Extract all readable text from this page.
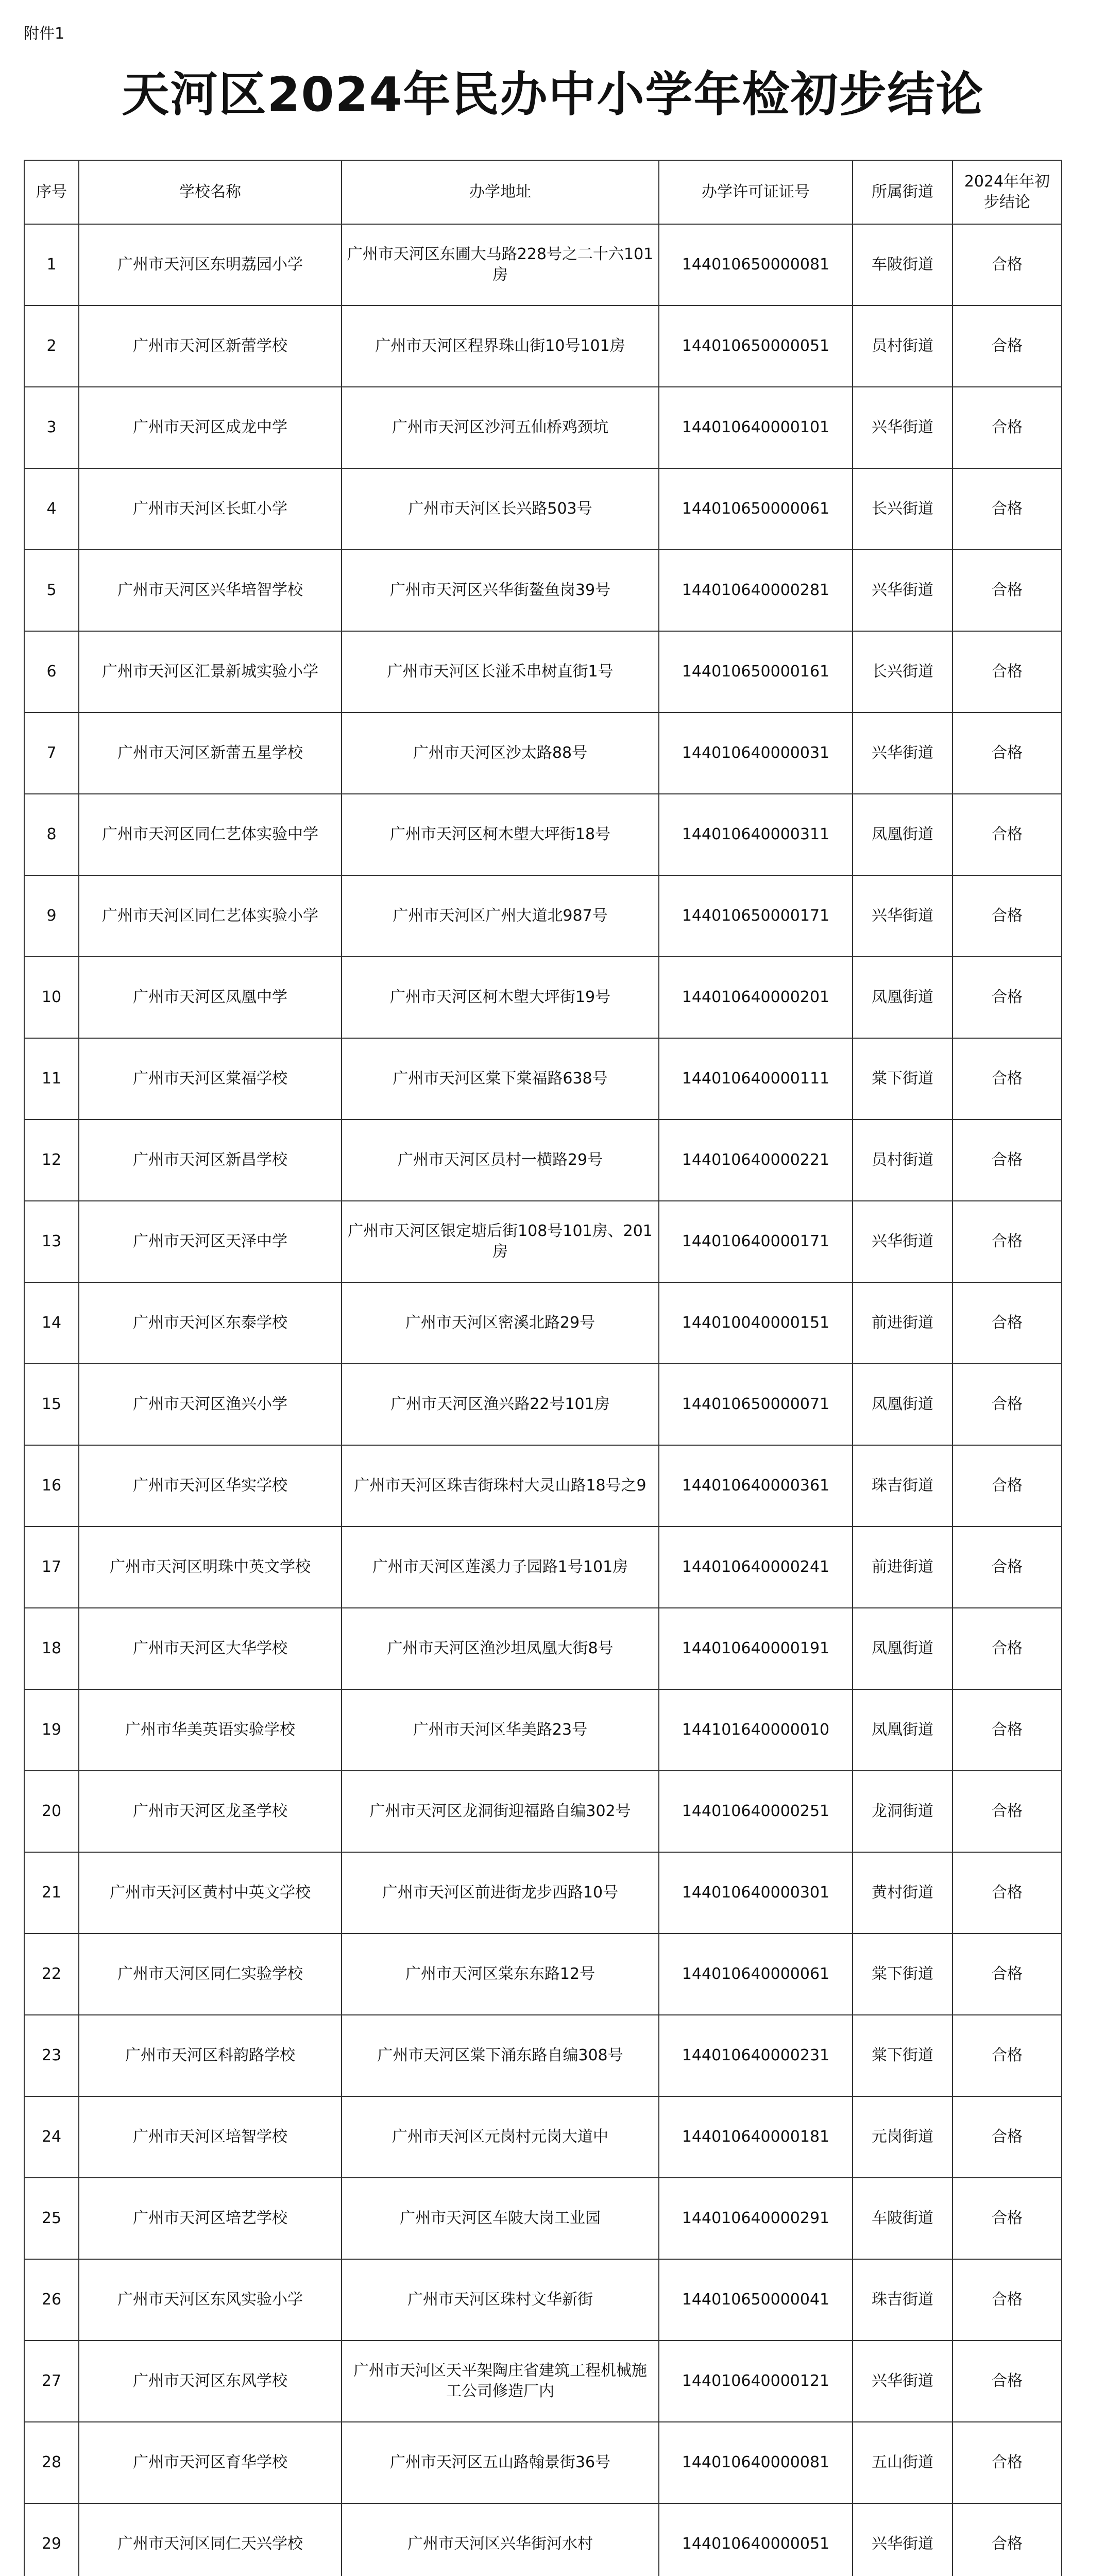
附件1
天河区2024年民办中小学年检初步结论
序号	学校名称	办学地址	办学许可证证号	所属街道	2024年年初步结论
1	广州市天河区东明荔园小学	广州市天河区东圃大马路228号之二十六101房	144010650000081	车陂街道	合格
2	广州市天河区新蕾学校	广州市天河区程界珠山街10号101房	144010650000051	员村街道	合格
3	广州市天河区成龙中学	广州市天河区沙河五仙桥鸡颈坑	144010640000101	兴华街道	合格
4	广州市天河区长虹小学	广州市天河区长兴路503号	144010650000061	长兴街道	合格
5	广州市天河区兴华培智学校	广州市天河区兴华街鳌鱼岗39号	144010640000281	兴华街道	合格
6	广州市天河区汇景新城实验小学	广州市天河区长湴禾串树直街1号	144010650000161	长兴街道	合格
7	广州市天河区新蕾五星学校	广州市天河区沙太路88号	144010640000031	兴华街道	合格
8	广州市天河区同仁艺体实验中学	广州市天河区柯木塱大坪街18号	144010640000311	凤凰街道	合格
9	广州市天河区同仁艺体实验小学	广州市天河区广州大道北987号	144010650000171	兴华街道	合格
10	广州市天河区凤凰中学	广州市天河区柯木塱大坪街19号	144010640000201	凤凰街道	合格
11	广州市天河区棠福学校	广州市天河区棠下棠福路638号	144010640000111	棠下街道	合格
12	广州市天河区新昌学校	广州市天河区员村一横路29号	144010640000221	员村街道	合格
13	广州市天河区天泽中学	广州市天河区银定塘后街108号101房、201房	144010640000171	兴华街道	合格
14	广州市天河区东泰学校	广州市天河区密溪北路29号	144010040000151	前进街道	合格
15	广州市天河区渔兴小学	广州市天河区渔兴路22号101房	144010650000071	凤凰街道	合格
16	广州市天河区华实学校	广州市天河区珠吉街珠村大灵山路18号之9	144010640000361	珠吉街道	合格
17	广州市天河区明珠中英文学校	广州市天河区莲溪力子园路1号101房	144010640000241	前进街道	合格
18	广州市天河区大华学校	广州市天河区渔沙坦凤凰大街8号	144010640000191	凤凰街道	合格
19	广州市华美英语实验学校	广州市天河区华美路23号	144101640000010	凤凰街道	合格
20	广州市天河区龙圣学校	广州市天河区龙洞街迎福路自编302号	144010640000251	龙洞街道	合格
21	广州市天河区黄村中英文学校	广州市天河区前进街龙步西路10号	144010640000301	黄村街道	合格
22	广州市天河区同仁实验学校	广州市天河区棠东东路12号	144010640000061	棠下街道	合格
23	广州市天河区科韵路学校	广州市天河区棠下涌东路自编308号	144010640000231	棠下街道	合格
24	广州市天河区培智学校	广州市天河区元岗村元岗大道中	144010640000181	元岗街道	合格
25	广州市天河区培艺学校	广州市天河区车陂大岗工业园	144010640000291	车陂街道	合格
26	广州市天河区东风实验小学	广州市天河区珠村文华新街	144010650000041	珠吉街道	合格
27	广州市天河区东风学校	广州市天河区天平架陶庄省建筑工程机械施工公司修造厂内	144010640000121	兴华街道	合格
28	广州市天河区育华学校	广州市天河区五山路翰景街36号	144010640000081	五山街道	合格
29	广州市天河区同仁天兴学校	广州市天河区兴华街河水村	144010640000051	兴华街道	合格
